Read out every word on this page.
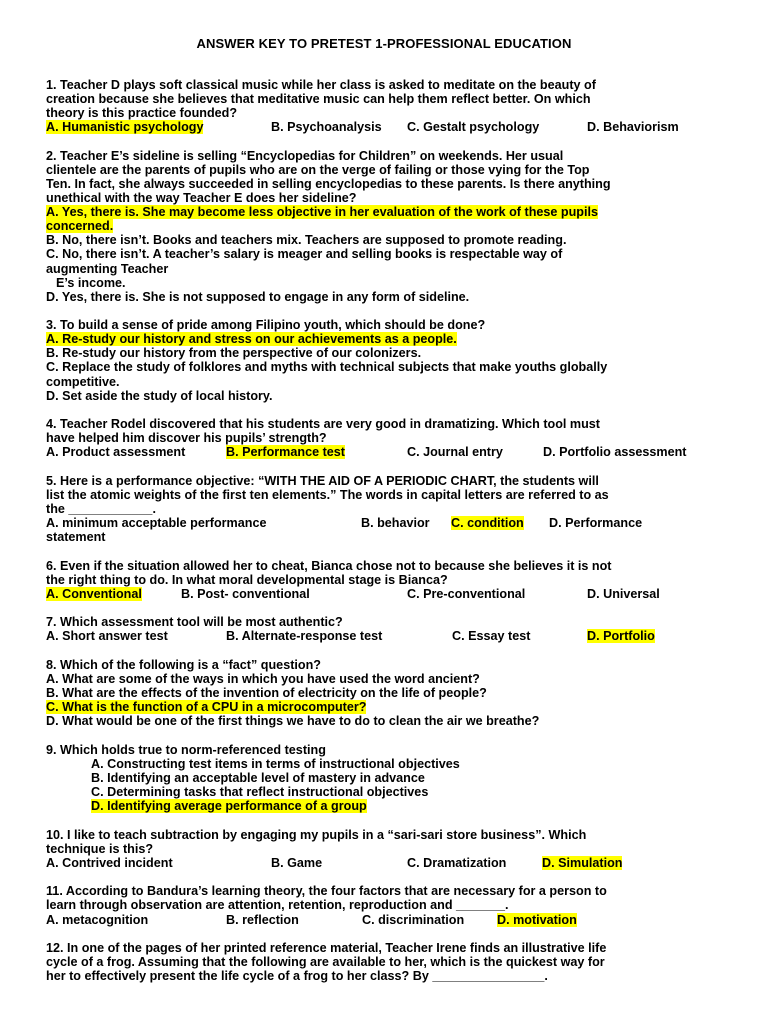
ANSWER KEY TO PRETEST 1-PROFESSIONAL EDUCATION
1. Teacher D plays soft classical music while her class is asked to meditate on the beauty of
creation because she believes that meditative music can help them reflect better. On which
theory is this practice founded?
A. Humanistic psychology	B. Psychoanalysis C. Gestalt psychology	D. Behaviorism
2. Teacher E’s sideline is selling “Encyclopedias for Children” on weekends. Her usual
clientele are the parents of pupils who are on the verge of failing or those vying for the Top
Ten. In fact, she always succeeded in selling encyclopedias to these parents. Is there anything
unethical with the way Teacher E does her sideline?
A. Yes, there is. She may become less objective in her evaluation of the work of these pupils
concerned.
B. No, there isn’t. Books and teachers mix. Teachers are supposed to promote reading.
C. No, there isn’t. A teacher’s salary is meager and selling books is respectable way of
augmenting Teacher
E’s income.
D. Yes, there is. She is not supposed to engage in any form of sideline.
3. To build a sense of pride among Filipino youth, which should be done?
A. Re-study our history and stress on our achievements as a people.
B. Re-study our history from the perspective of our colonizers.
C. Replace the study of folklores and myths with technical subjects that make youths globally
competitive.
D. Set aside the study of local history.
4. Teacher Rodel discovered that his students are very good in dramatizing. Which tool must
have helped him discover his pupils’ strength?
A. Product assessment	B. Performance test	C. Journal entry	D. Portfolio assessment
5. Here is a performance objective: “WITH THE AID OF A PERIODIC CHART, the students will
list the atomic weights of the first ten elements.” The words in capital letters are referred to as
the ____________.
A. minimum acceptable performance	B. behavior C. condition D. Performance
statement
6. Even if the situation allowed her to cheat, Bianca chose not to because she believes it is not
the right thing to do. In what moral developmental stage is Bianca?
A. Conventional	B. Post- conventional	C. Pre-conventional	D. Universal
7. Which assessment tool will be most authentic?
A. Short answer test	B. Alternate-response test	C. Essay test	D. Portfolio
8. Which of the following is a “fact” question?
A. What are some of the ways in which you have used the word ancient?
B. What are the effects of the invention of electricity on the life of people?
C. What is the function of a CPU in a microcomputer?
D. What would be one of the first things we have to do to clean the air we breathe?
9. Which holds true to norm-referenced testing
A. Constructing test items in terms of instructional objectives
B. Identifying an acceptable level of mastery in advance
C. Determining tasks that reflect instructional objectives
D. Identifying average performance of a group
10. I like to teach subtraction by engaging my pupils in a “sari-sari store business”. Which
technique is this?
A. Contrived incident	B. Game	C. Dramatization	D. Simulation
11. According to Bandura’s learning theory, the four factors that are necessary for a person to
learn through observation are attention, retention, reproduction and _______.
A. metacognition	B. reflection	C. discrimination	D. motivation
12. In one of the pages of her printed reference material, Teacher Irene finds an illustrative life
cycle of a frog. Assuming that the following are available to her, which is the quickest way for
her to effectively present the life cycle of a frog to her class? By ________________.
